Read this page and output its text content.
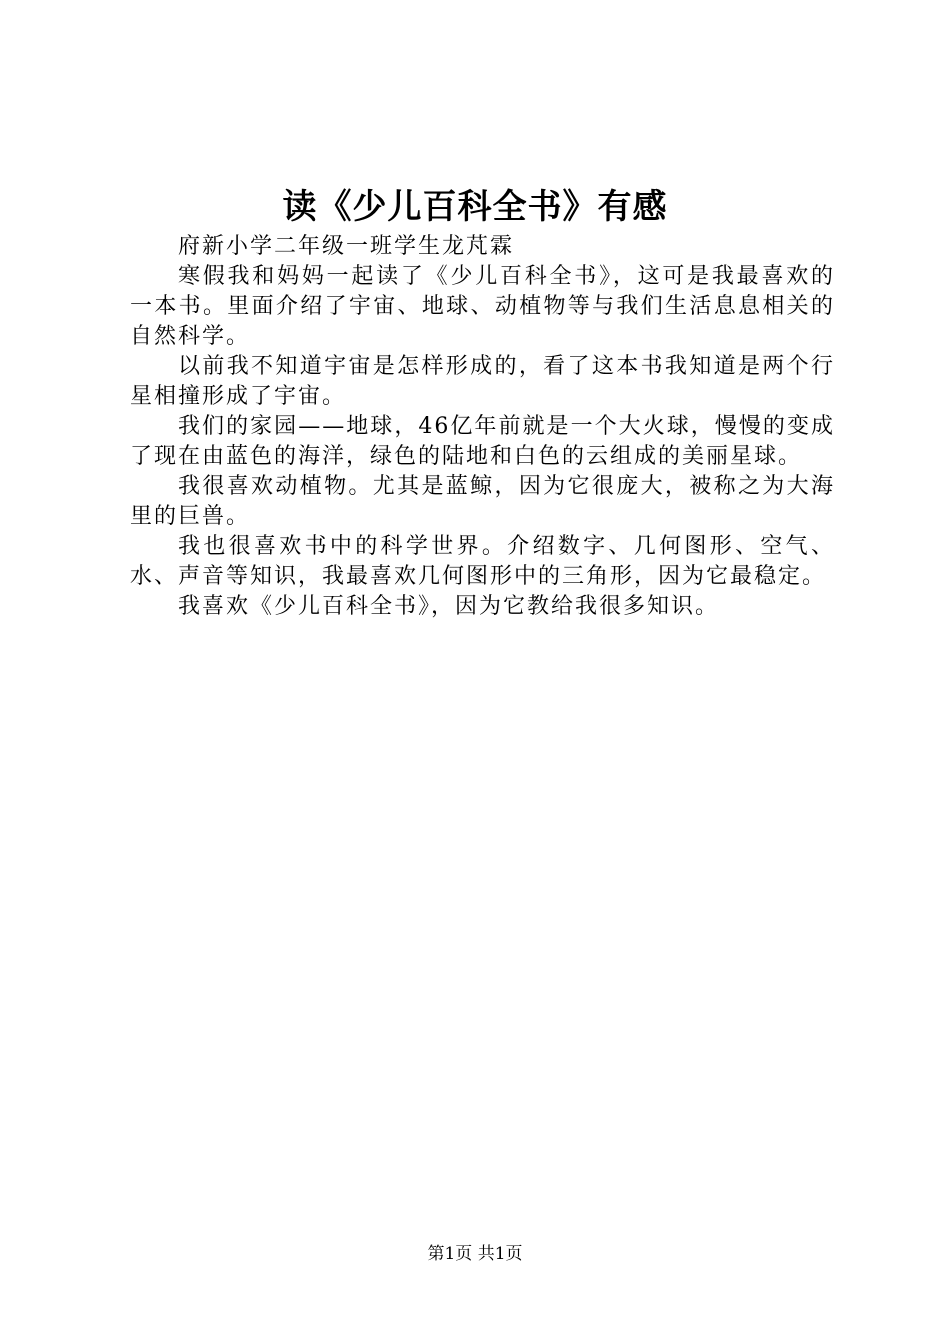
读《少儿百科全书》有感

府新小学二年级一班学生龙芃霖

寒假我和妈妈一起读了《少儿百科全书》，这可是我最喜欢的一本书。里面介绍了宇宙、地球、动植物等与我们生活息息相关的自然科学。

以前我不知道宇宙是怎样形成的，看了这本书我知道是两个行星相撞形成了宇宙。

我们的家园——地球，46亿年前就是一个大火球，慢慢的变成了现在由蓝色的海洋，绿色的陆地和白色的云组成的美丽星球。

我很喜欢动植物。尤其是蓝鲸，因为它很庞大，被称之为大海里的巨兽。

我也很喜欢书中的科学世界。介绍数字、几何图形、空气、水、声音等知识，我最喜欢几何图形中的三角形，因为它最稳定。

我喜欢《少儿百科全书》，因为它教给我很多知识。

第1页 共1页
